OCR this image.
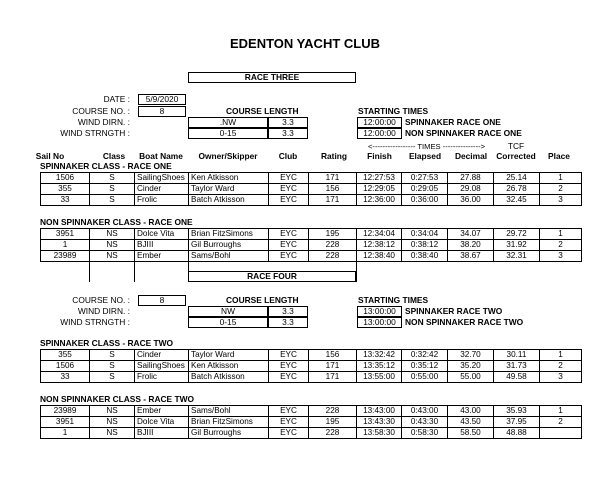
EDENTON YACHT CLUB
RACE THREE
DATE :	5/9/2020
COURSE NO. :	8	COURSE LENGTH
WIND DIRN. :	.NW	3.3
WIND STRNGTH :	0-15	3.3
STARTING TIMES
12:00:00	SPINNAKER RACE ONE
12:00:00	NON SPINNAKER RACE ONE
<----------------- TIMES --------------->	TCF
Sail No	Class	Boat Name	Owner/Skipper	Club	Rating	Finish	Elapsed	Decimal	Corrected	Place
SPINNAKER CLASS - RACE ONE
1506	S	SailingShoes	Ken Atkisson	EYC	171	12:27:53	0:27:53	27.88	25.14	1
355	S	Cinder	Taylor Ward	EYC	156	12:29:05	0:29:05	29.08	26.78	2
33	S	Frolic	Batch Atkisson	EYC	171	12:36:00	0:36:00	36.00	32.45	3
NON SPINNAKER CLASS - RACE ONE
3951	NS	Dolce Vita	Brian FitzSimons	EYC	195	12:34:04	0:34:04	34.07	29.72	1
1	NS	BJIII	Gil Burroughs	EYC	228	12:38:12	0:38:12	38.20	31.92	2
23989	NS	Ember	Sams/Bohl	EYC	228	12:38:40	0:38:40	38.67	32.31	3
RACE FOUR
COURSE NO. :	8	COURSE LENGTH
WIND DIRN. :	NW	3.3
WIND STRNGTH :	0-15	3.3
STARTING TIMES
13:00:00	SPINNAKER RACE TWO
13:00:00	NON SPINNAKER RACE TWO
SPINNAKER CLASS - RACE TWO
355	S	Cinder	Taylor Ward	EYC	156	13:32:42	0:32:42	32.70	30.11	1
1506	S	SailingShoes	Ken Atkisson	EYC	171	13:35:12	0:35:12	35.20	31.73	2
33	S	Frolic	Batch Atkisson	EYC	171	13:55:00	0:55:00	55.00	49.58	3
NON SPINNAKER CLASS - RACE TWO
23989	NS	Ember	Sams/Bohl	EYC	228	13:43:00	0:43:00	43.00	35.93	1
3951	NS	Dolce Vita	Brian FitzSimons	EYC	195	13:43:30	0:43:30	43.50	37.95	2
1	NS	BJIII	Gil Burroughs	EYC	228	13:58:30	0:58:30	58.50	48.88	
